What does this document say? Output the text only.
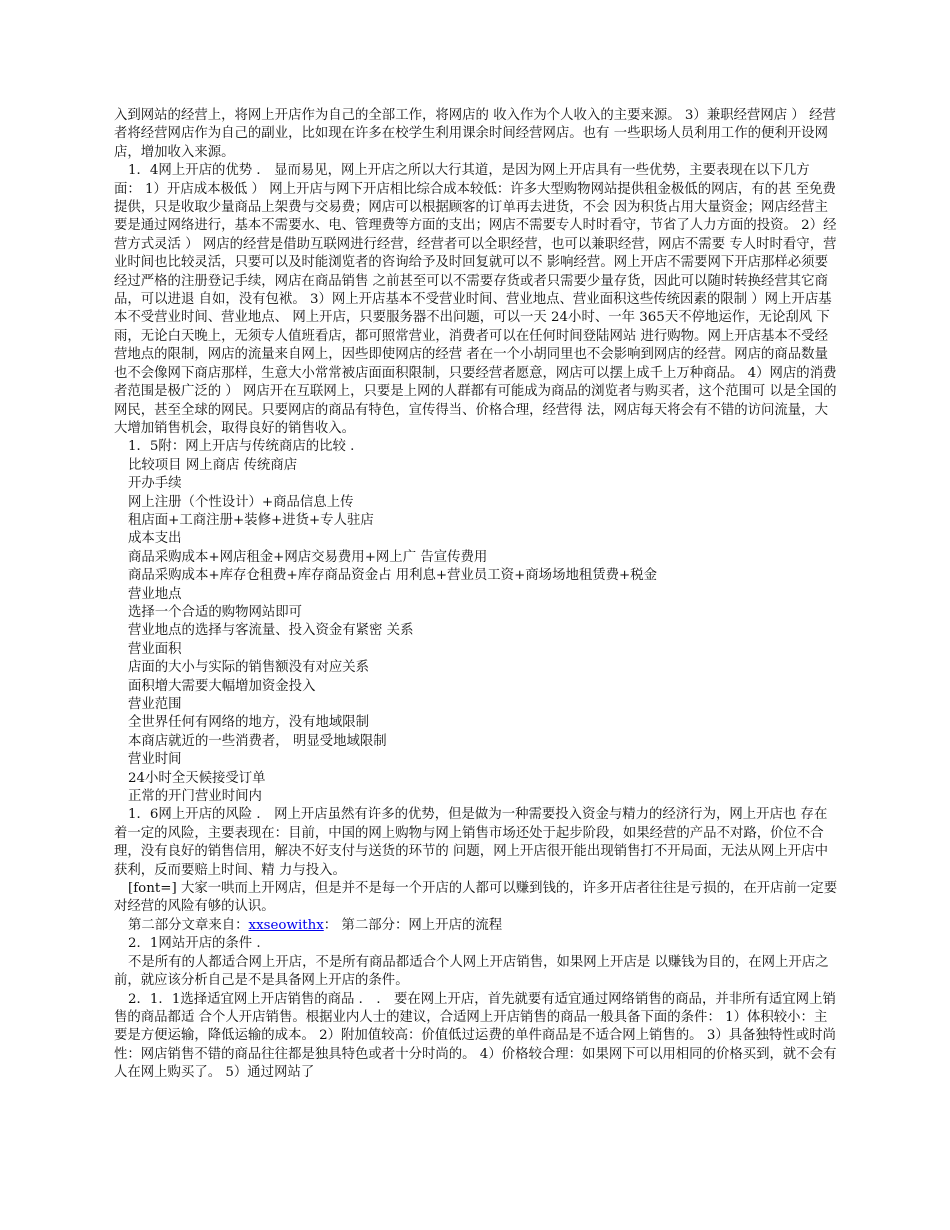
入到网站的经营上，将网上开店作为自己的全部工作，将网店的 收入作为个人收入的主要来源。 3）兼职经营网店 ） 经营者将经营网店作为自己的副业，比如现在许多在校学生利用课余时间经营网店。也有 一些职场人员利用工作的便利开设网店，增加收入来源。

1．4网上开店的优势 ． 显而易见，网上开店之所以大行其道，是因为网上开店具有一些优势，主要表现在以下几方 面： 1）开店成本极低 ） 网上开店与网下开店相比综合成本较低：许多大型购物网站提供租金极低的网店，有的甚 至免费提供，只是收取少量商品上架费与交易费；网店可以根据顾客的订单再去进货，不会 因为积货占用大量资金；网店经营主要是通过网络进行，基本不需要水、电、管理费等方面的支出；网店不需要专人时时看守，节省了人力方面的投资。 2）经营方式灵活 ） 网店的经营是借助互联网进行经营，经营者可以全职经营，也可以兼职经营，网店不需要 专人时时看守，营业时间也比较灵活，只要可以及时能浏览者的咨询给予及时回复就可以不 影响经营。网上开店不需要网下开店那样必须要经过严格的注册登记手续，网店在商品销售 之前甚至可以不需要存货或者只需要少量存货，因此可以随时转换经营其它商品，可以进退 自如，没有包袱。 3）网上开店基本不受营业时间、营业地点、营业面积这些传统因素的限制 ）网上开店基本不受营业时间、营业地点、 网上开店，只要服务器不出问题，可以一天 24小时、一年 365天不停地运作，无论刮风 下雨，无论白天晚上，无须专人值班看店，都可照常营业，消费者可以在任何时间登陆网站 进行购物。网上开店基本不受经营地点的限制，网店的流量来自网上，因些即使网店的经营 者在一个小胡同里也不会影响到网店的经营。网店的商品数量也不会像网下商店那样，生意大小常常被店面面积限制，只要经营者愿意，网店可以摆上成千上万种商品。 4）网店的消费者范围是极广泛的 ） 网店开在互联网上，只要是上网的人群都有可能成为商品的浏览者与购买者，这个范围可 以是全国的网民，甚至全球的网民。只要网店的商品有特色，宣传得当、价格合理，经营得 法，网店每天将会有不错的访问流量，大大增加销售机会，取得良好的销售收入。

1．5附：网上开店与传统商店的比较 .

比较项目 网上商店 传统商店

开办手续

网上注册（个性设计）+商品信息上传

租店面+工商注册+装修+进货+专人驻店

成本支出

商品采购成本+网店租金+网店交易费用+网上广 告宣传费用

商品采购成本+库存仓租费+库存商品资金占 用利息+营业员工资+商场场地租赁费+税金

营业地点

选择一个合适的购物网站即可

营业地点的选择与客流量、投入资金有紧密 关系

营业面积

店面的大小与实际的销售额没有对应关系

面积增大需要大幅增加资金投入

营业范围

全世界任何有网络的地方，没有地域限制

本商店就近的一些消费者， 明显受地域限制

营业时间

24小时全天候接受订单

正常的开门营业时间内

1．6网上开店的风险 ． 网上开店虽然有许多的优势，但是做为一种需要投入资金与精力的经济行为，网上开店也 存在着一定的风险，主要表现在：目前，中国的网上购物与网上销售市场还处于起步阶段，如果经营的产品不对路，价位不合理，没有良好的销售信用，解决不好支付与送货的环节的 问题，网上开店很开能出现销售打不开局面，无法从网上开店中获利，反而要赔上时间、精 力与投入。

[font=] 大家一哄而上开网店，但是并不是每一个开店的人都可以赚到钱的，许多开店者往往是亏损的，在开店前一定要对经营的风险有够的认识。

第二部分文章来自：xxseowithx： 第二部分：网上开店的流程

2．1网站开店的条件 .

不是所有的人都适合网上开店，不是所有商品都适合个人网上开店销售，如果网上开店是 以赚钱为目的，在网上开店之前，就应该分析自己是不是具备网上开店的条件。

2．1．1选择适宜网上开店销售的商品 ． ． 要在网上开店，首先就要有适宜通过网络销售的商品，并非所有适宜网上销售的商品都适 合个人开店销售。根据业内人士的建议，合适网上开店销售的商品一般具备下面的条件： 1）体积较小：主要是方便运输，降低运输的成本。 2）附加值较高：价值低过运费的单件商品是不适合网上销售的。 3）具备独特性或时尚性：网店销售不错的商品往往都是独具特色或者十分时尚的。 4）价格较合理：如果网下可以用相同的价格买到，就不会有人在网上购买了。 5）通过网站了
